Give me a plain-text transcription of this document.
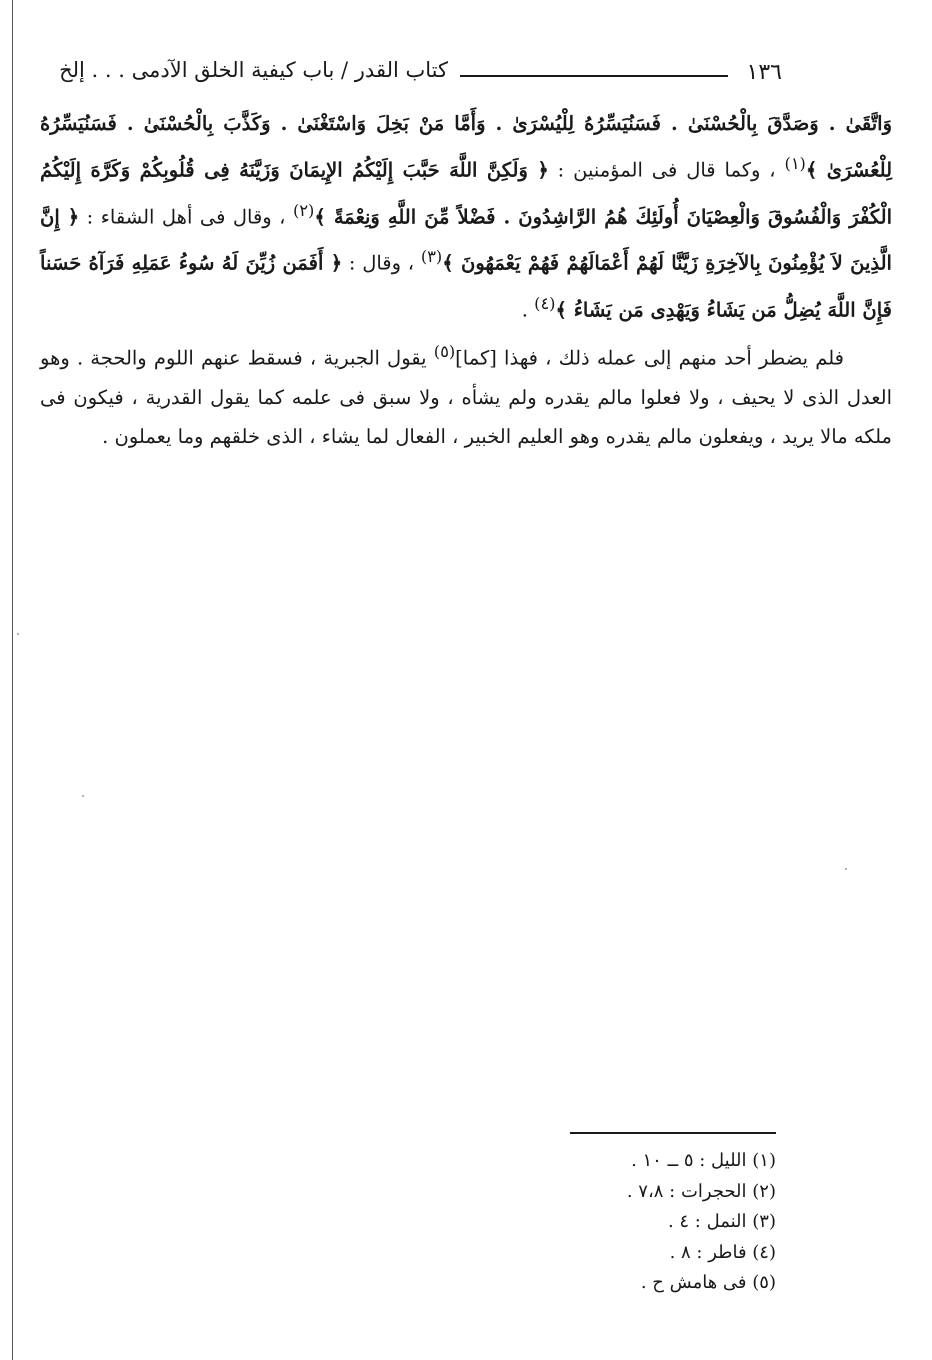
١٣٦
كتاب القدر / باب كيفية الخلق الآدمى . . . إلخ

وَاتَّقَىٰ . وَصَدَّقَ بِالْحُسْنَىٰ . فَسَنُيَسِّرُهُ لِلْيُسْرَىٰ . وَأَمَّا مَنْ بَخِلَ وَاسْتَغْنَىٰ . وَكَذَّبَ بِالْحُسْنَىٰ . فَسَنُيَسِّرُهُ لِلْعُسْرَىٰ ﴾$^{(١)}$ ، وكما قال فى المؤمنين : ﴿ وَلَكِنَّ اللَّهَ حَبَّبَ إِلَيْكُمُ الإِيمَانَ وَزَيَّنَهُ فِى قُلُوبِكُمْ وَكَرَّهَ إِلَيْكُمُ الْكُفْرَ وَالْفُسُوقَ وَالْعِصْيَانَ أُولَئِكَ هُمُ الرَّاشِدُونَ . فَضْلاً مِّنَ اللَّهِ وَنِعْمَةً ﴾$^{(٢)}$ ، وقال فى أهل الشقاء : ﴿ إِنَّ الَّذِينَ لاَ يُؤْمِنُونَ بِالآخِرَةِ زَيَّنَّا لَهُمْ أَعْمَالَهُمْ فَهُمْ يَعْمَهُونَ ﴾$^{(٣)}$ ، وقال : ﴿ أَفَمَن زُيِّنَ لَهُ سُوءُ عَمَلِهِ فَرَآهُ حَسَناً فَإِنَّ اللَّهَ يُضِلُّ مَن يَشَاءُ وَيَهْدِى مَن يَشَاءُ ﴾$^{(٤)}$ .

فلم يضطر أحد منهم إلى عمله ذلك ، فهذا [كما]$^{(٥)}$ يقول الجبرية ، فسقط عنهم اللوم والحجة . وهو العدل الذى لا يحيف ، ولا فعلوا مالم يقدره ولم يشأه ، ولا سبق فى علمه كما يقول القدرية ، فيكون فى ملكه مالا يريد ، ويفعلون مالم يقدره وهو العليم الخبير ، الفعال لما يشاء ، الذى خلقهم وما يعملون .

(١) الليل : ٥ ــ ١٠ .
(٢) الحجرات : ٧،٨ .
(٣) النمل : ٤ .
(٤) فاطر : ٨ .
(٥) فى هامش ح .
